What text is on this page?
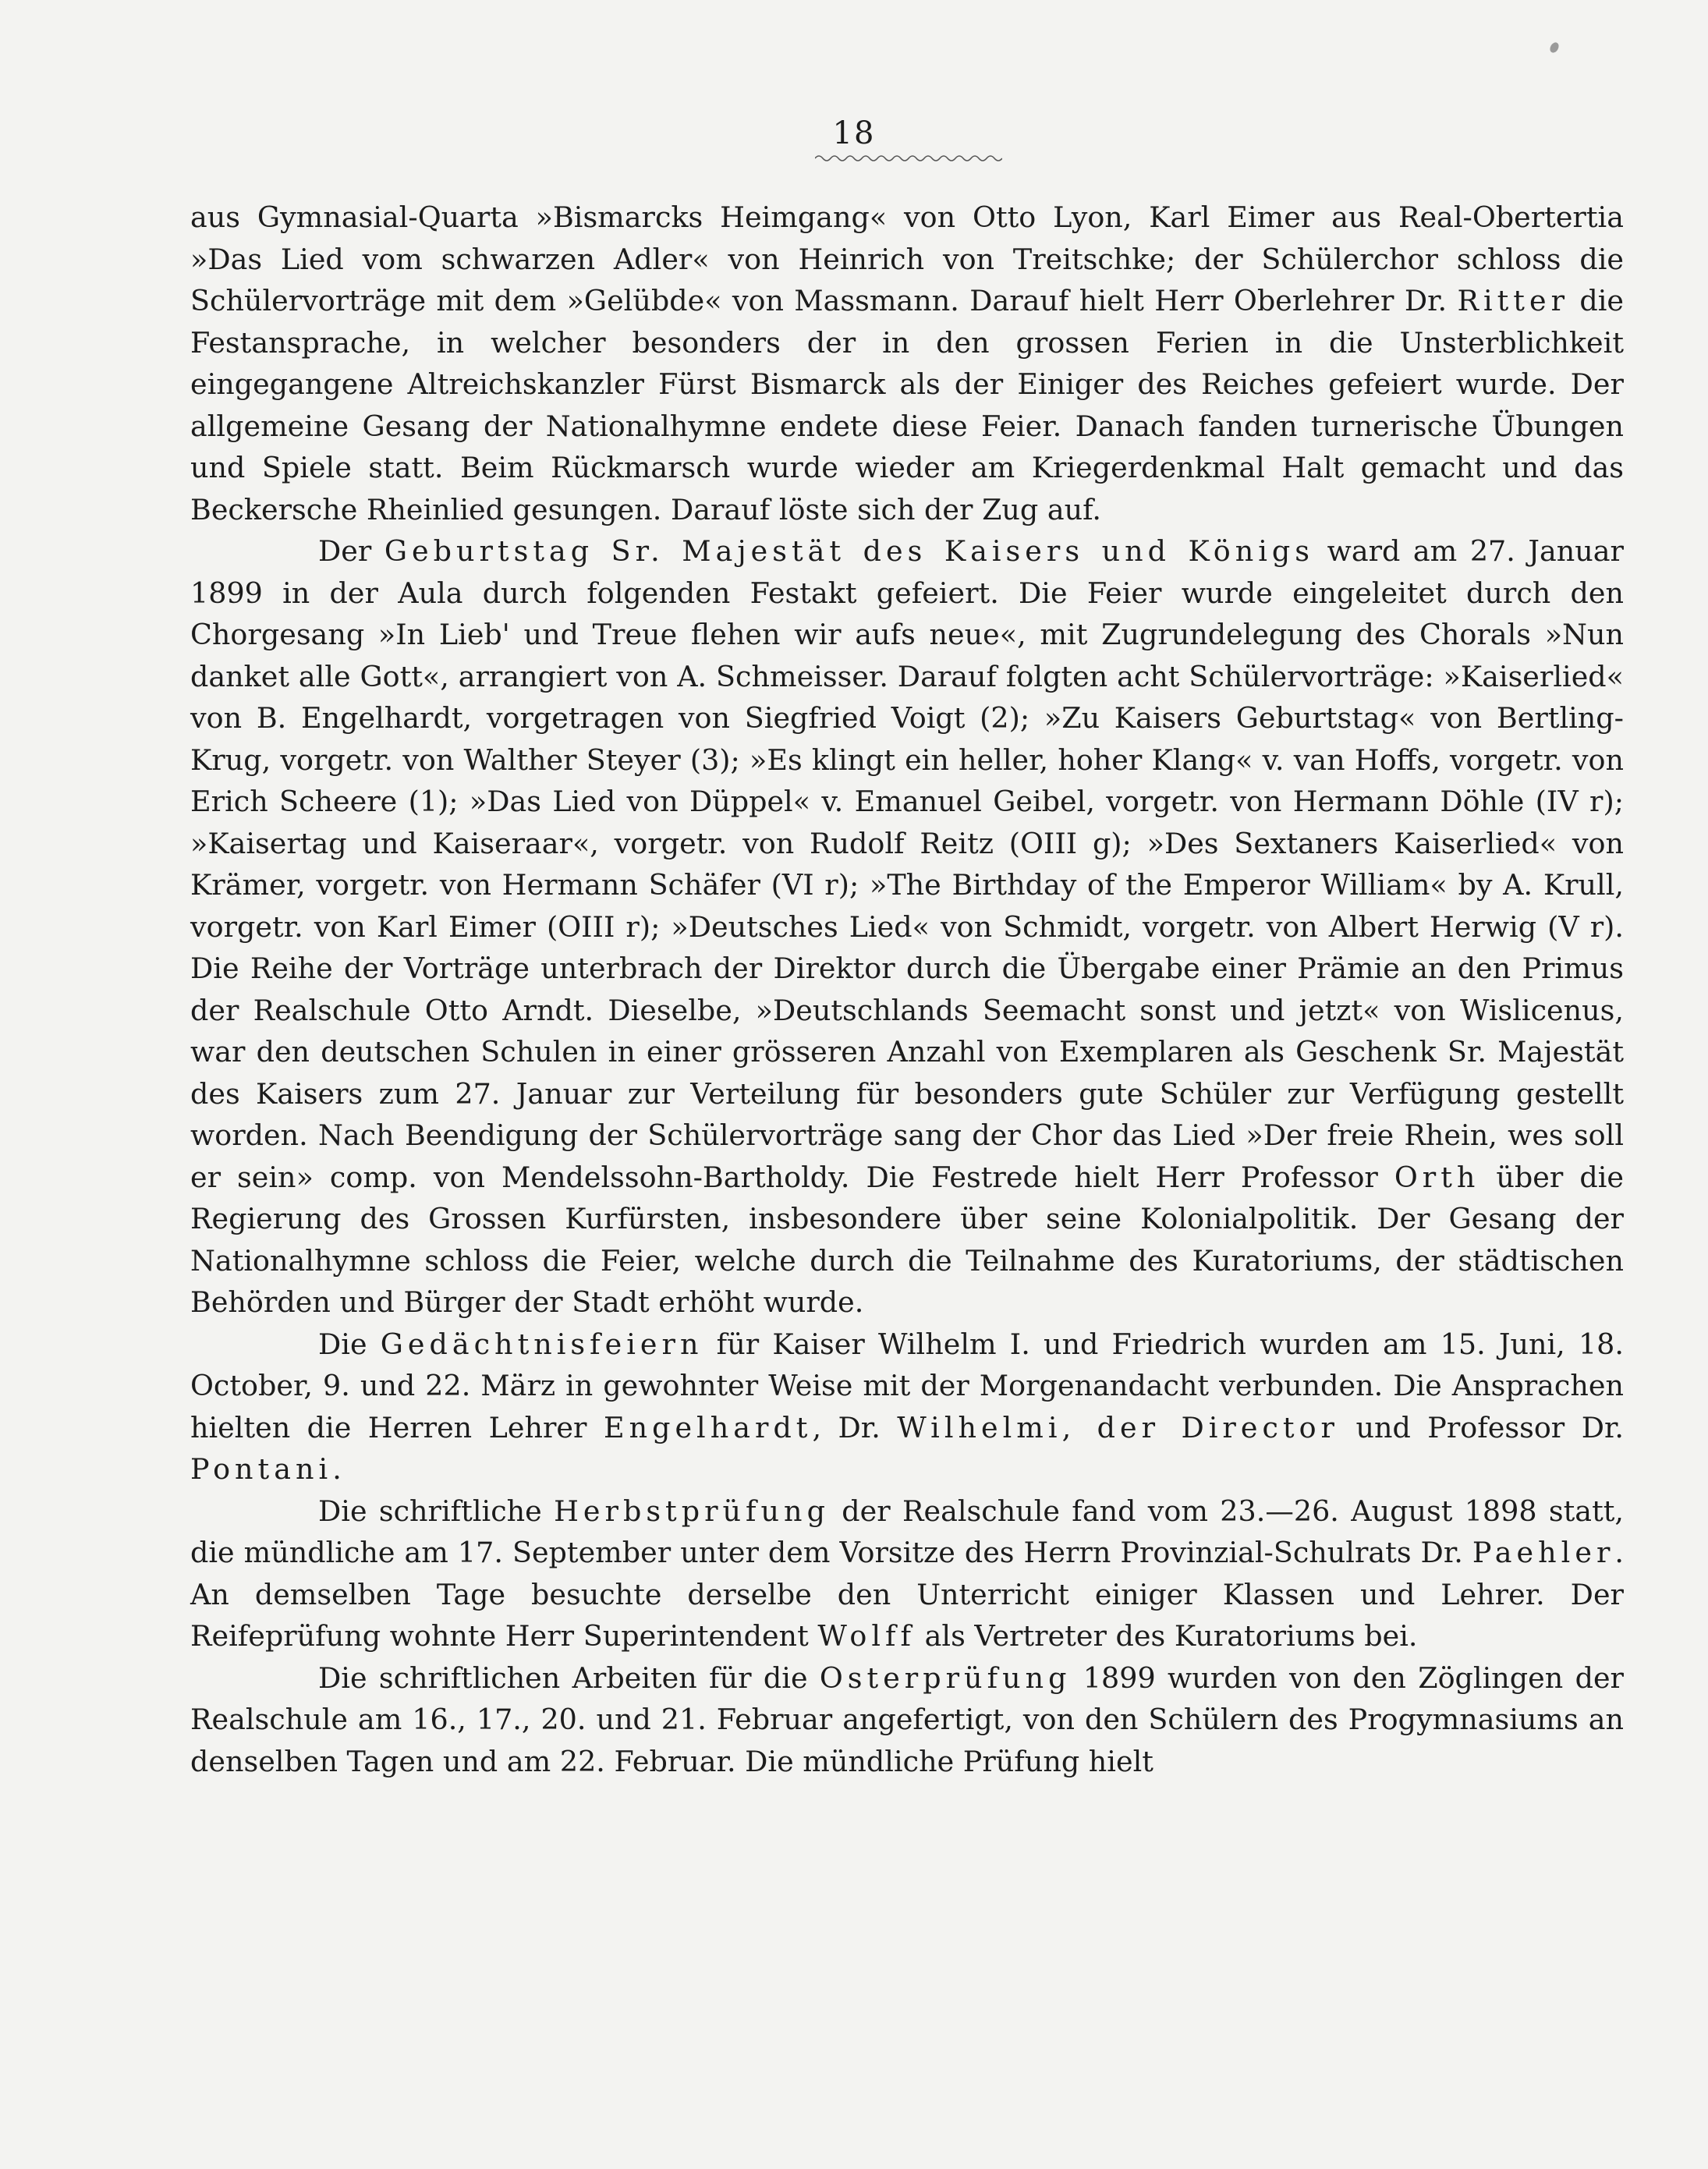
18

aus Gymnasial-Quarta »Bismarcks Heimgang« von Otto Lyon, Karl Eimer aus Real-Obertertia »Das Lied vom schwarzen Adler« von Heinrich von Treitschke; der Schülerchor schloss die Schülervorträge mit dem »Gelübde« von Massmann. Darauf hielt Herr Oberlehrer Dr. Ritter die Festansprache, in welcher besonders der in den grossen Ferien in die Unsterblichkeit eingegangene Altreichskanzler Fürst Bismarck als der Einiger des Reiches gefeiert wurde. Der allgemeine Gesang der Nationalhymne endete diese Feier. Danach fanden turnerische Übungen und Spiele statt. Beim Rückmarsch wurde wieder am Kriegerdenkmal Halt gemacht und das Beckersche Rheinlied gesungen. Darauf löste sich der Zug auf.

Der Geburtstag Sr. Majestät des Kaisers und Königs ward am 27. Januar 1899 in der Aula durch folgenden Festakt gefeiert. Die Feier wurde eingeleitet durch den Chorgesang »In Lieb' und Treue flehen wir aufs neue«, mit Zugrundelegung des Chorals »Nun danket alle Gott«, arrangiert von A. Schmeisser. Darauf folgten acht Schülervorträge: »Kaiserlied« von B. Engelhardt, vorgetragen von Siegfried Voigt (2); »Zu Kaisers Geburtstag« von Bertling-Krug, vorgetr. von Walther Steyer (3); »Es klingt ein heller, hoher Klang« v. van Hoffs, vorgetr. von Erich Scheere (1); »Das Lied von Düppel« v. Emanuel Geibel, vorgetr. von Hermann Döhle (IV r); »Kaisertag und Kaiseraar«, vorgetr. von Rudolf Reitz (OIII g); »Des Sextaners Kaiserlied« von Krämer, vorgetr. von Hermann Schäfer (VI r); »The Birthday of the Emperor William« by A. Krull, vorgetr. von Karl Eimer (OIII r); »Deutsches Lied« von Schmidt, vorgetr. von Albert Herwig (V r). Die Reihe der Vorträge unterbrach der Direktor durch die Übergabe einer Prämie an den Primus der Realschule Otto Arndt. Dieselbe, »Deutschlands Seemacht sonst und jetzt« von Wislicenus, war den deutschen Schulen in einer grösseren Anzahl von Exemplaren als Geschenk Sr. Majestät des Kaisers zum 27. Januar zur Verteilung für besonders gute Schüler zur Verfügung gestellt worden. Nach Beendigung der Schülervorträge sang der Chor das Lied »Der freie Rhein, wes soll er sein» comp. von Mendelssohn-Bartholdy. Die Festrede hielt Herr Professor Orth über die Regierung des Grossen Kurfürsten, insbesondere über seine Kolonialpolitik. Der Gesang der Nationalhymne schloss die Feier, welche durch die Teilnahme des Kuratoriums, der städtischen Behörden und Bürger der Stadt erhöht wurde.

Die Gedächtnisfeiern für Kaiser Wilhelm I. und Friedrich wurden am 15. Juni, 18. October, 9. und 22. März in gewohnter Weise mit der Morgenandacht verbunden. Die Ansprachen hielten die Herren Lehrer Engelhardt, Dr. Wilhelmi, der Director und Professor Dr. Pontani.

Die schriftliche Herbstprüfung der Realschule fand vom 23.—26. August 1898 statt, die mündliche am 17. September unter dem Vorsitze des Herrn Provinzial-Schulrats Dr. Paehler. An demselben Tage besuchte derselbe den Unterricht einiger Klassen und Lehrer. Der Reifeprüfung wohnte Herr Superintendent Wolff als Vertreter des Kuratoriums bei.

Die schriftlichen Arbeiten für die Osterprüfung 1899 wurden von den Zöglingen der Realschule am 16., 17., 20. und 21. Februar angefertigt, von den Schülern des Progymnasiums an denselben Tagen und am 22. Februar. Die mündliche Prüfung hielt
